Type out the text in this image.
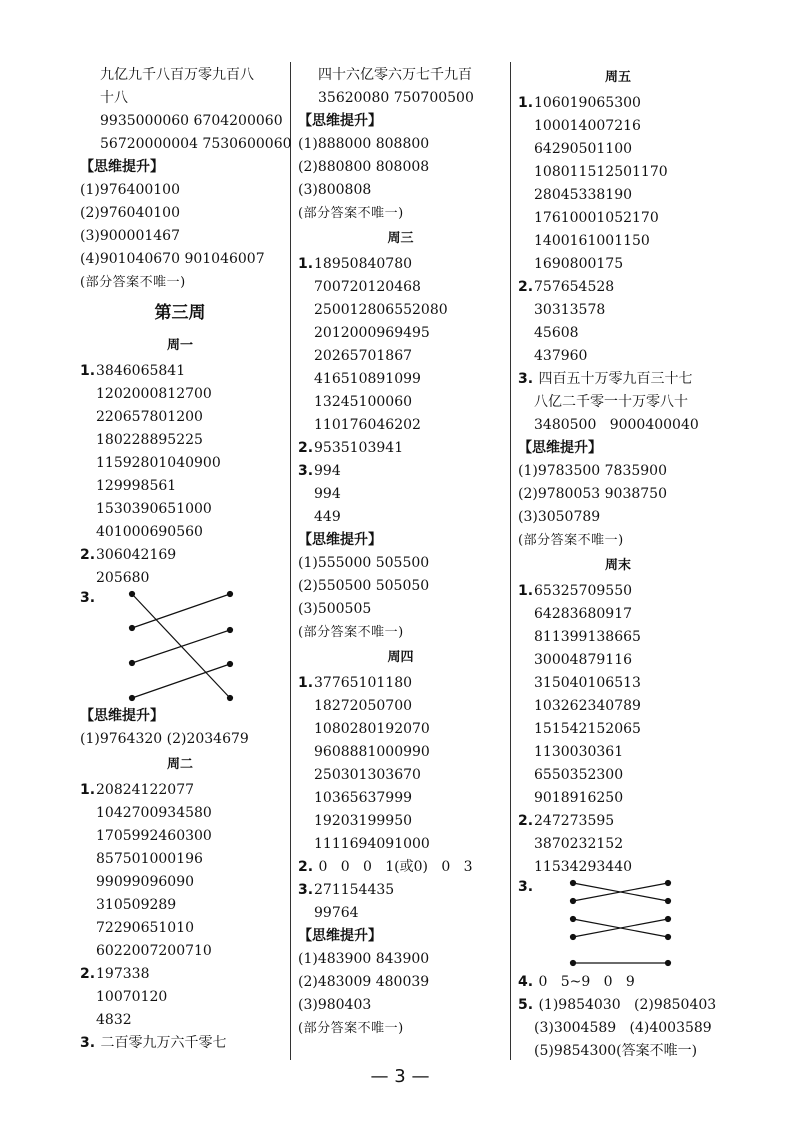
九亿九千八百万零九百八
十八
9935000060 6704200060
56720000004 7530600060
【思维提升】
(1)976400100
(2)976040100
(3)900001467
(4)901040670 901046007
(部分答案不唯一)
第三周
周一
1.3846065841
1202000812700
220657801200
180228895225
11592801040900
129998561
1530390651000
401000690560
2.306042169
205680
3.
【思维提升】
(1)9764320 (2)2034679
周二
1.20824122077
1042700934580
1705992460300
857501000196
99099096090
310509289
72290651010
6022007200710
2.197338
10070120
4832
3. 二百零九万六千零七
四十六亿零六万七千九百
35620080 750700500
【思维提升】
(1)888000 808800
(2)880800 808008
(3)800808
(部分答案不唯一)
周三
1.18950840780
700720120468
250012806552080
2012000969495
20265701867
416510891099
13245100060
110176046202
2.9535103941
3.994
994
449
【思维提升】
(1)555000 505500
(2)550500 505050
(3)500505
(部分答案不唯一)
周四
1.37765101180
18272050700
1080280192070
9608881000990
250301303670
10365637999
19203199950
1111694091000
2. 0   0   0   1(或0)   0   3
3.271154435
99764
【思维提升】
(1)483900 843900
(2)483009 480039
(3)980403
(部分答案不唯一)
周五
1.106019065300
100014007216
64290501100
108011512501170
28045338190
17610001052170
1400161001150
1690800175
2.757654528
30313578
45608
437960
3. 四百五十万零九百三十七
八亿二千零一十万零八十
3480500   9000400040
【思维提升】
(1)9783500 7835900
(2)9780053 9038750
(3)3050789
(部分答案不唯一)
周末
1.65325709550
64283680917
811399138665
30004879116
315040106513
103262340789
151542152065
1130030361
6550352300
9018916250
2.247273595
3870232152
11534293440
3.
4. 0   5~9   0   9
5. (1)9854030   (2)9850403
(3)3004589   (4)4003589
(5)9854300(答案不唯一)
— 3 —
